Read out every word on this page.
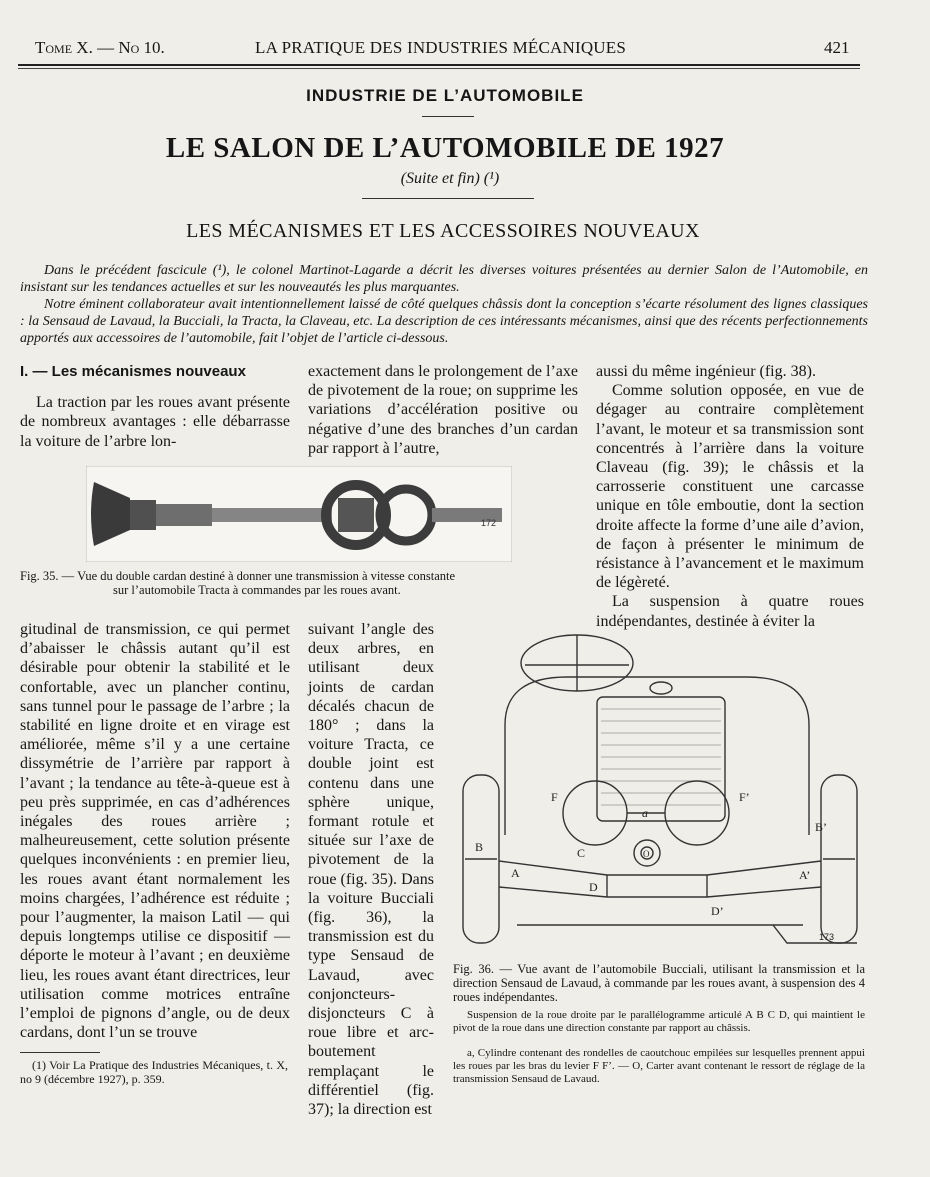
Tome X. — No 10.	LA PRATIQUE DES INDUSTRIES MÉCANIQUES	421
INDUSTRIE DE L’AUTOMOBILE
LE SALON DE L’AUTOMOBILE DE 1927
(Suite et fin) (¹)
LES MÉCANISMES ET LES ACCESSOIRES NOUVEAUX

Dans le précédent fascicule (¹), le colonel Martinot-Lagarde a décrit les diverses voitures présentées au dernier Salon de l’Automobile, en insistant sur les tendances actuelles et sur les nouveautés les plus marquantes.

Notre éminent collaborateur avait intentionnellement laissé de côté quelques châssis dont la conception s’écarte résolument des lignes classiques : la Sensaud de Lavaud, la Bucciali, la Tracta, la Claveau, etc. La description de ces intéressants mécanismes, ainsi que des récents perfectionnements apportés aux accessoires de l’automobile, fait l’objet de l’article ci-dessous.

I. — Les mécanismes nouveaux

La traction par les roues avant présente de nombreux avantages : elle débarrasse la voiture de l’arbre lon-

exactement dans le prolongement de l’axe de pivotement de la roue; on supprime les variations d’accélération positive ou négative d’une des branches d’un cardan par rapport à l’autre,

aussi du même ingénieur (fig. 38).

Comme solution opposée, en vue de dégager au contraire complètement l’avant, le moteur et sa transmission sont concentrés à l’arrière dans la voiture Claveau (fig. 39); le châssis et la carrosserie constituent une carcasse unique en tôle emboutie, dont la section droite affecte la forme d’une aile d’avion, de façon à présenter le minimum de résistance à l’avancement et le maximum de légèreté.

La suspension à quatre roues indépendantes, destinée à éviter la

172
Fig. 35. — Vue du double cardan destiné à donner une transmission à vitesse constante
sur l’automobile Tracta à commandes par les roues avant.
gitudinal de transmission, ce qui permet d’abaisser le châssis autant qu’il est désirable pour obtenir la stabilité et le confortable, avec un plancher continu, sans tunnel pour le passage de l’arbre ; la stabilité en ligne droite et en virage est améliorée, même s’il y a une certaine dissymétrie de l’arrière par rapport à l’avant ; la tendance au tête-à-queue est à peu près supprimée, en cas d’adhérences inégales des roues arrière ; malheureusement, cette solution présente quelques inconvénients : en premier lieu, les roues avant étant normalement les moins chargées, l’adhérence est réduite ; pour l’augmenter, la maison Latil — qui depuis longtemps utilise ce dispositif — déporte le moteur à l’avant ; en deuxième lieu, les roues avant étant directrices, leur utilisation comme motrices entraîne l’emploi de pignons d’angle, ou de deux cardans, dont l’un se trouve
suivant l’angle des deux arbres, en utilisant deux joints de cardan décalés chacun de 180° ; dans la voiture Tracta, ce double joint est contenu dans une sphère unique, formant rotule et située sur l’axe de pivotement de la roue (fig. 35). Dans la voiture Bucciali (fig. 36), la transmission est du type Sensaud de Lavaud, avec conjoncteurs-disjoncteurs C à roue libre et arc-boutement remplaçant le différentiel (fig. 37); la direction est
F	F’
a
B
B’
C	O
A	A’
D
D’
173
Fig. 36. — Vue avant de l’automobile Bucciali, utilisant la transmission et la direction Sensaud de Lavaud, à commande par les roues avant, à suspension des 4 roues indépendantes.
Suspension de la roue droite par le parallélogramme articulé A B C D, qui maintient le pivot de la roue dans une direction constante par rapport au châssis.
a, Cylindre contenant des rondelles de caoutchouc empilées sur lesquelles prennent appui les roues par les bras du levier F F’. — O, Carter avant contenant le ressort de réglage de la transmission Sensaud de Lavaud.
(1) Voir La Pratique des Industries Mécaniques, t. X, no 9 (décembre 1927), p. 359.
